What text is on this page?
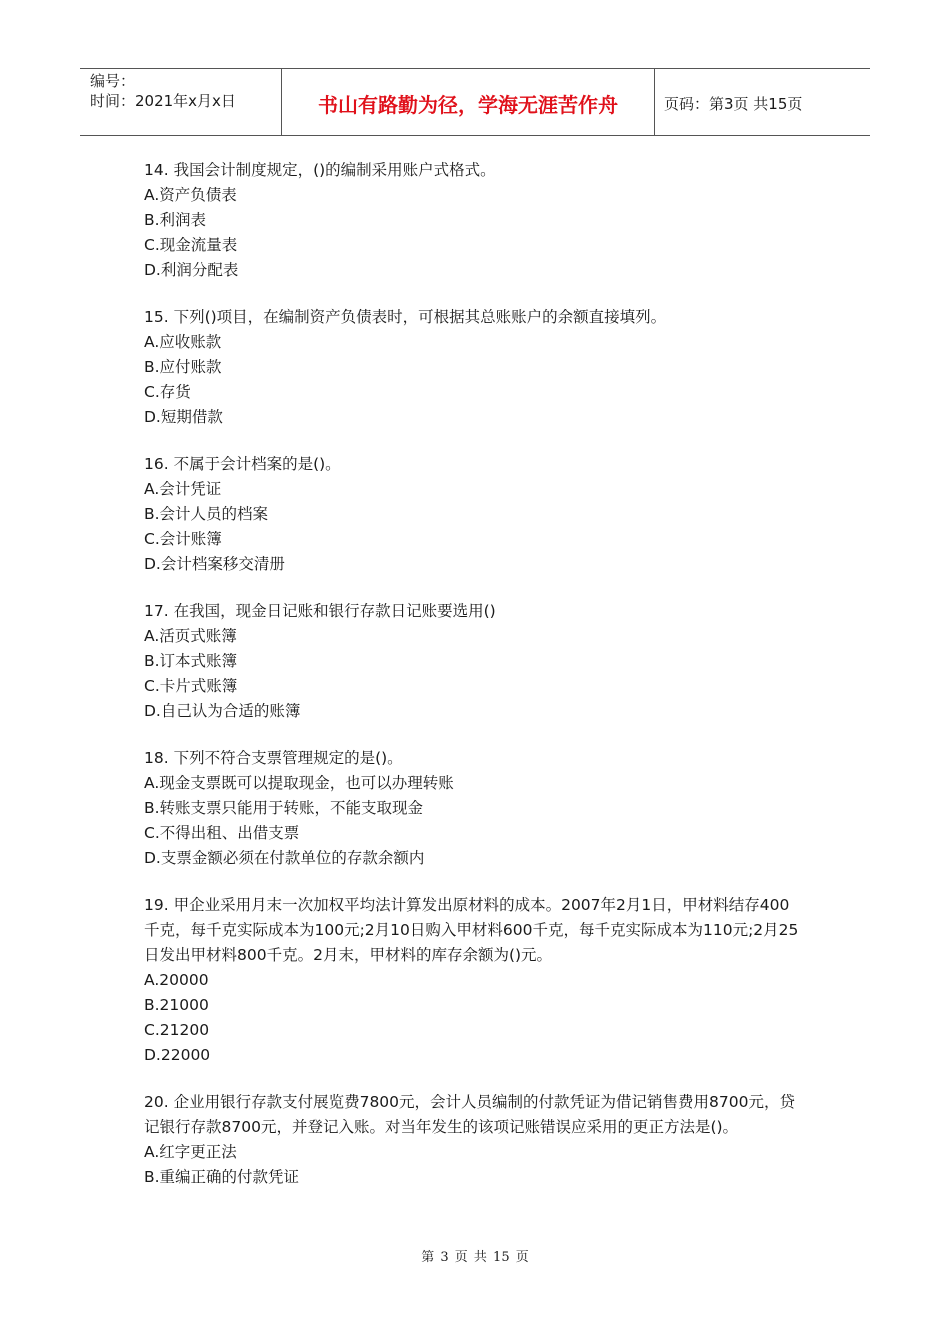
编号：
时间：2021年x月x日	书山有路勤为径，学海无涯苦作舟	页码：第3页 共15页
14. 我国会计制度规定，()的编制采用账户式格式。
A.资产负债表
B.利润表
C.现金流量表
D.利润分配表
15. 下列()项目，在编制资产负债表时，可根据其总账账户的余额直接填列。
A.应收账款
B.应付账款
C.存货
D.短期借款
16. 不属于会计档案的是()。
A.会计凭证
B.会计人员的档案
C.会计账簿
D.会计档案移交清册
17. 在我国，现金日记账和银行存款日记账要选用()
A.活页式账簿
B.订本式账簿
C.卡片式账簿
D.自己认为合适的账簿
18. 下列不符合支票管理规定的是()。
A.现金支票既可以提取现金，也可以办理转账
B.转账支票只能用于转账，不能支取现金
C.不得出租、出借支票
D.支票金额必须在付款单位的存款余额内
19. 甲企业采用月末一次加权平均法计算发出原材料的成本。2007年2月1日，甲材料结存400千克，每千克实际成本为100元;2月10日购入甲材料600千克，每千克实际成本为110元;2月25日发出甲材料800千克。2月末，甲材料的库存余额为()元。
A.20000
B.21000
C.21200
D.22000
20. 企业用银行存款支付展览费7800元，会计人员编制的付款凭证为借记销售费用8700元，贷记银行存款8700元，并登记入账。对当年发生的该项记账错误应采用的更正方法是()。
A.红字更正法
B.重编正确的付款凭证
第 3 页 共 15 页
